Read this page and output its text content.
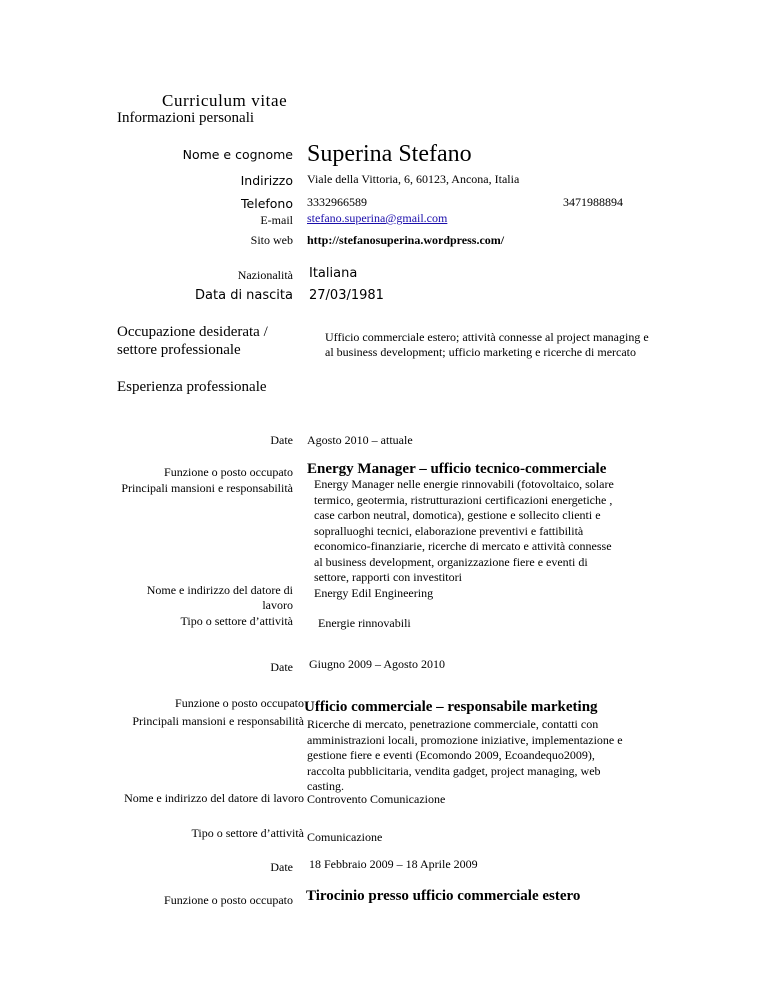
Curriculum vitae
Informazioni personali
Nome e cognome Superina Stefano
Indirizzo Viale della Vittoria, 6, 60123, Ancona, Italia
Telefono 3332966589	3471988894
E-mail stefano.superina@gmail.com
Sito web http://stefanosuperina.wordpress.com/
Nazionalità Italiana
Data di nascita 27/03/1981
Occupazione desiderata /
settore professionale
Ufficio commerciale estero; attività connesse al project managing e
al business development; ufficio marketing e ricerche di mercato
Esperienza professionale
Date Agosto 2010 – attuale
Funzione o posto occupato Energy Manager – ufficio tecnico-commerciale
Principali mansioni e responsabilità Energy Manager nelle energie rinnovabili (fotovoltaico, solare
termico, geotermia, ristrutturazioni certificazioni energetiche ,
case carbon neutral, domotica), gestione e sollecito clienti e
sopralluoghi tecnici, elaborazione preventivi e fattibilità
economico-finanziarie, ricerche di mercato e attività connesse
al business development, organizzazione fiere e eventi di
settore, rapporti con investitori
Energy Edil Engineering
Nome e indirizzo del datore di
lavoro
Tipo o settore d’attività Energie rinnovabili
Date Giugno 2009 – Agosto 2010
Funzione o posto occupato Ufficio commerciale – responsabile marketing
Principali mansioni e responsabilità Ricerche di mercato, penetrazione commerciale, contatti con
amministrazioni locali, promozione iniziative, implementazione e
gestione fiere e eventi (Ecomondo 2009, Ecoandequo2009),
raccolta pubblicitaria, vendita gadget, project managing, web
casting.
Nome e indirizzo del datore di lavoro Controvento Comunicazione
Tipo o settore d’attività Comunicazione
Date 18 Febbraio 2009 – 18 Aprile 2009
Funzione o posto occupato Tirocinio presso ufficio commerciale estero
